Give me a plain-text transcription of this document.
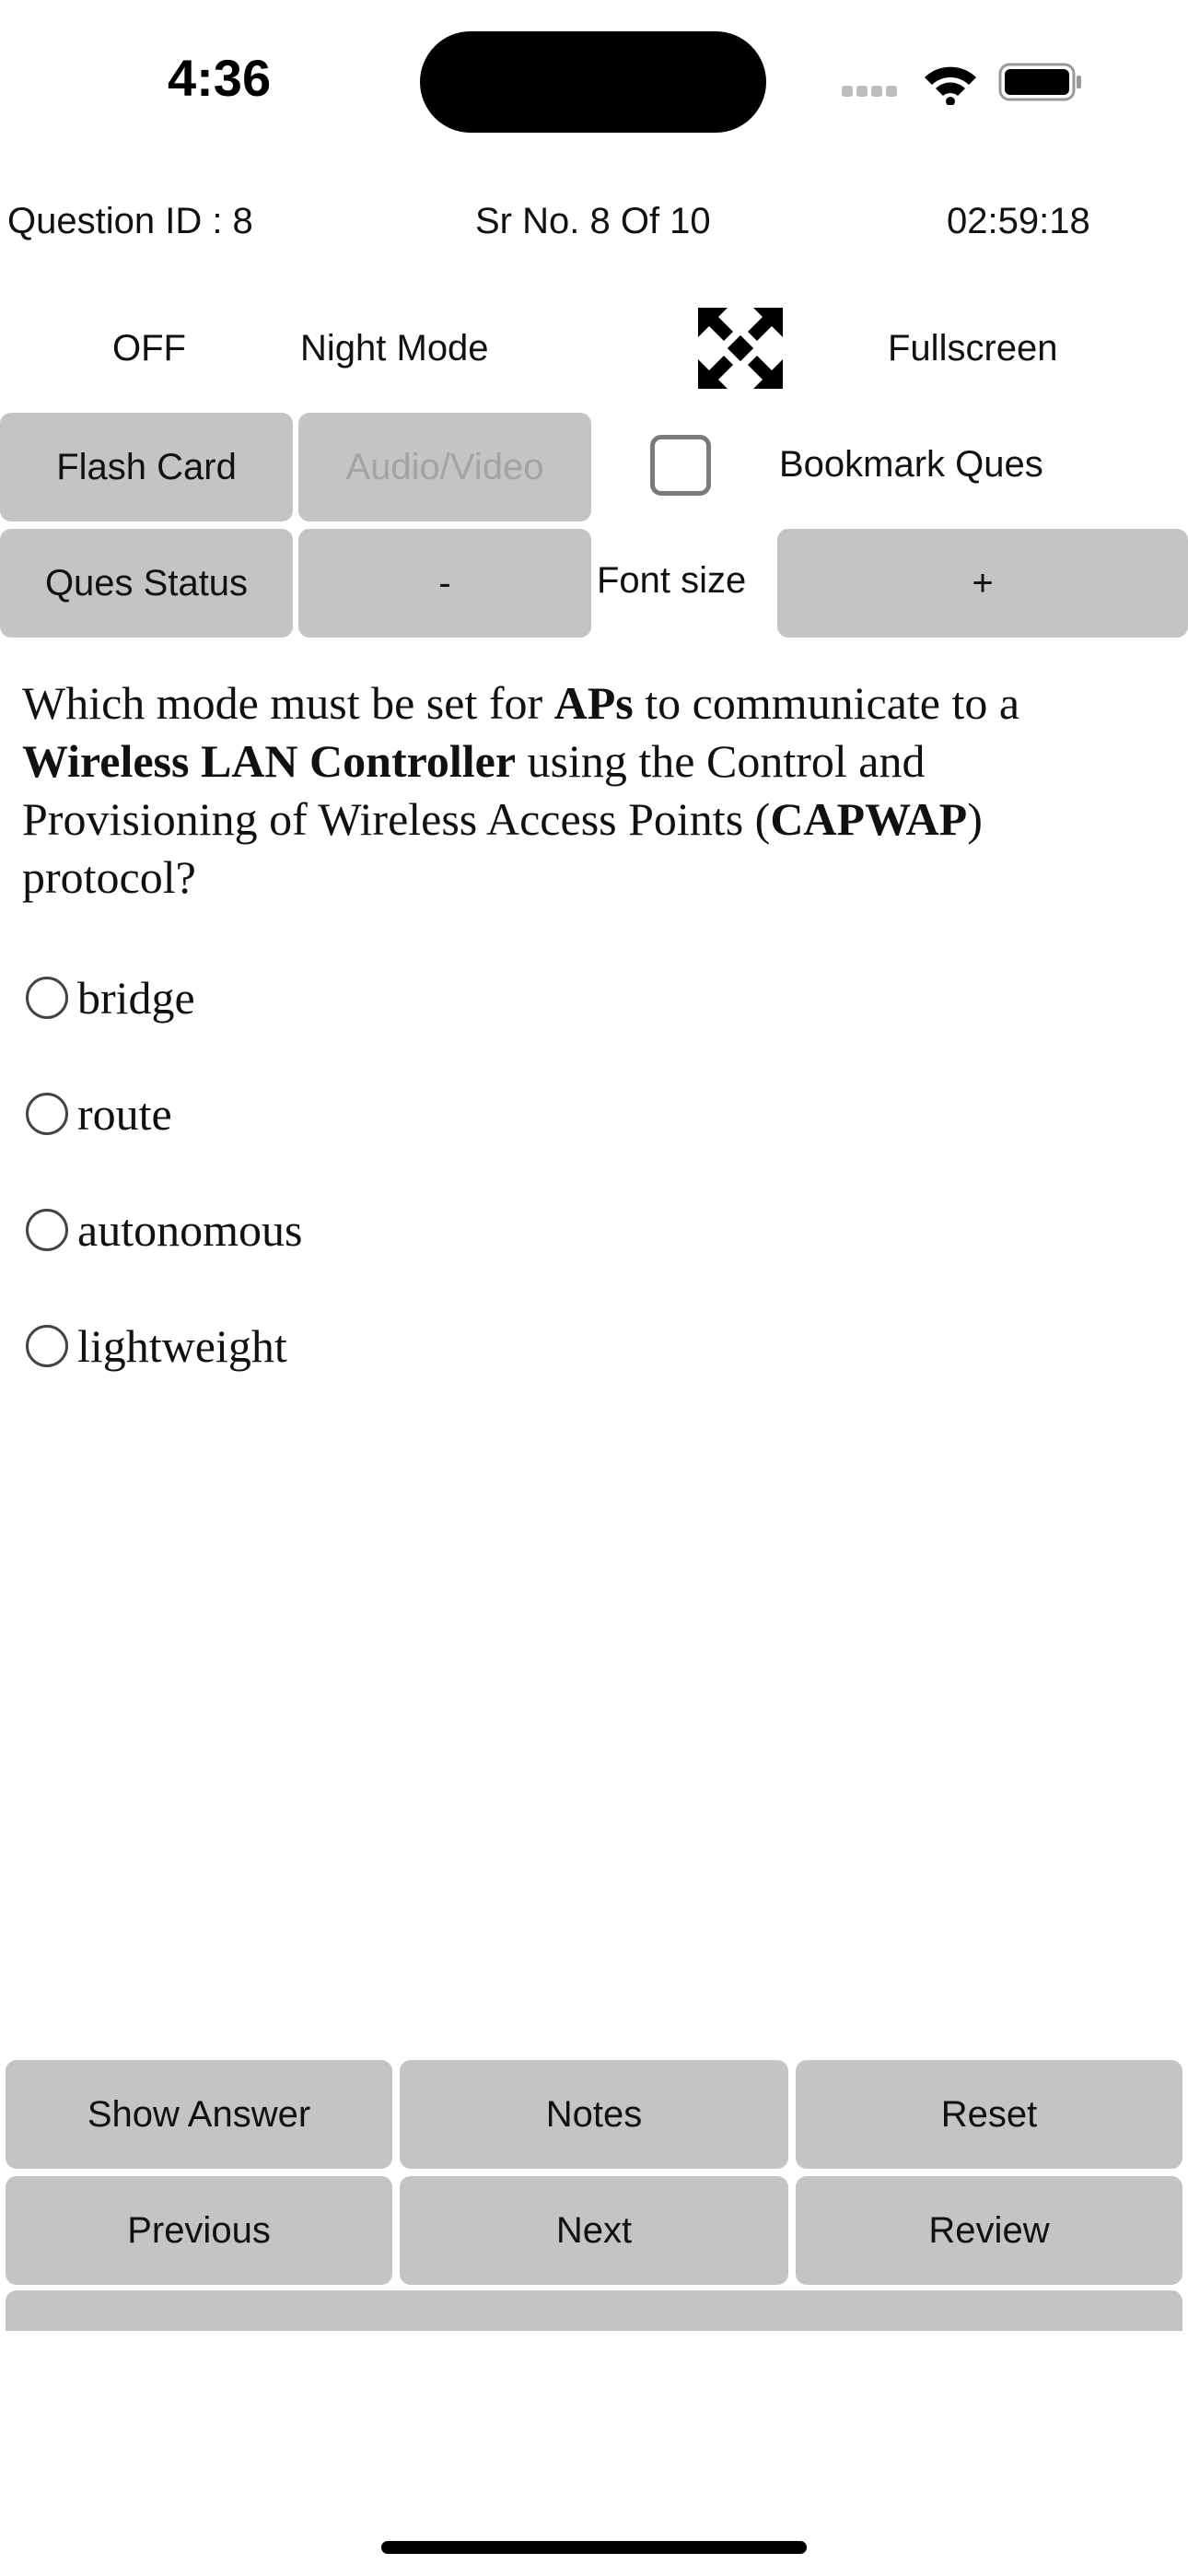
4:36
Question ID : 8	Sr No. 8 Of 10	02:59:18
OFF	Night Mode	Fullscreen
Flash Card	Audio/Video	Bookmark Ques
Ques Status	-	Font size	+
Which mode must be set for APs to communicate to a Wireless LAN Controller using the Control and Provisioning of Wireless Access Points (CAPWAP) protocol?
bridge
route
autonomous
lightweight
Show Answer	Notes	Reset
Previous	Next	Review
